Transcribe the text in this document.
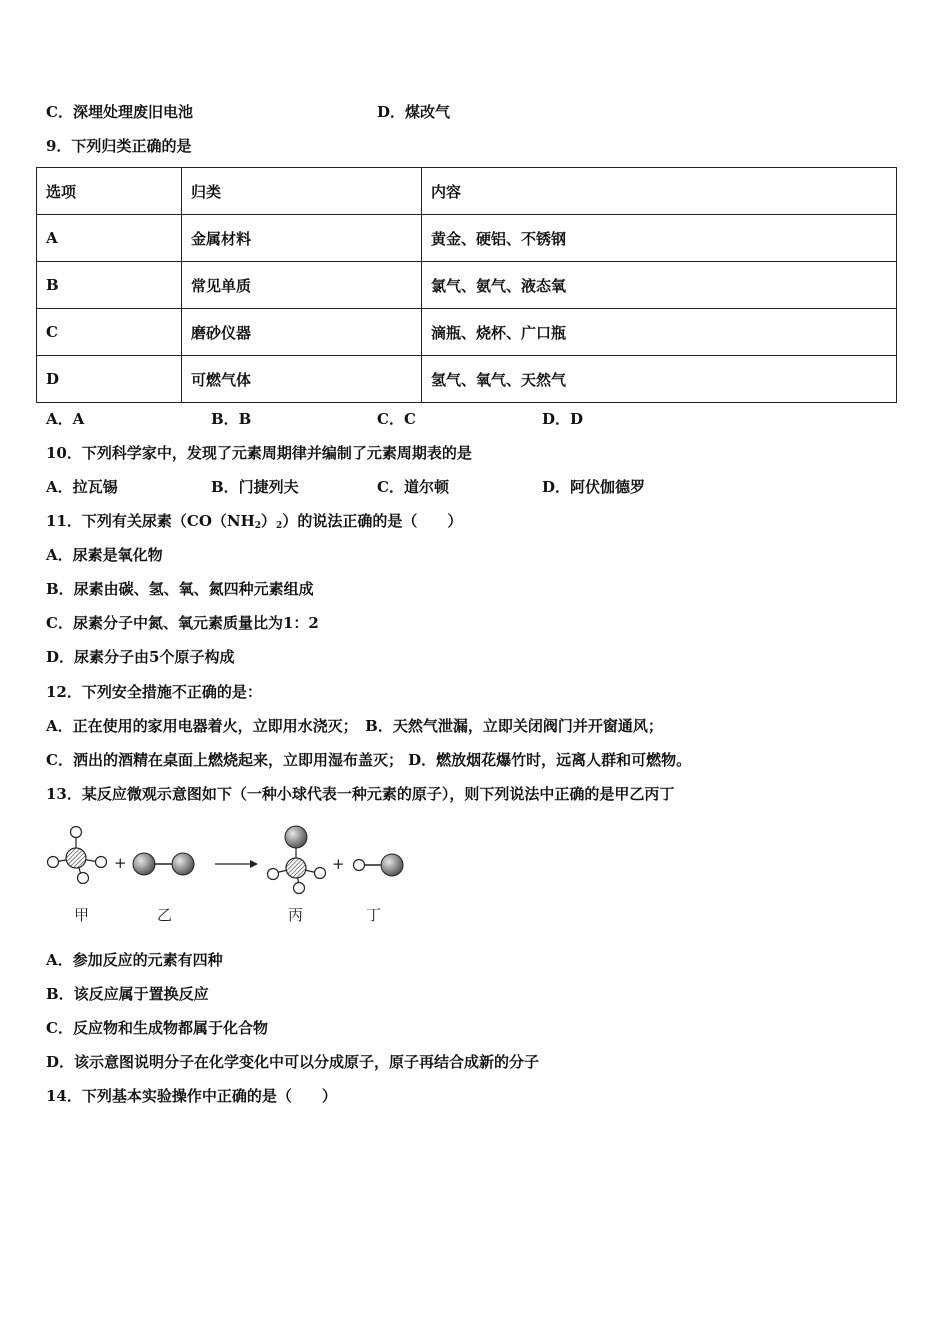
C．深埋处理废旧电池	D．煤改气
9．下列归类正确的是
选项	归类	内容
A	金属材料	黄金、硬铝、不锈钢
B	常见单质	氯气、氨气、液态氧
C	磨砂仪器	滴瓶、烧杯、广口瓶
D	可燃气体	氢气、氧气、天然气
A．A	B．B	C．C	D．D
10．下列科学家中，发现了元素周期律并编制了元素周期表的是
A．拉瓦锡	B．门捷列夫	C．道尔顿	D．阿伏伽德罗
11．下列有关尿素$(CO(NH_2)_2)$的说法正确的是（　　）
A．尿素是氧化物
B．尿素由碳、氢、氧、氮四种元素组成
C．尿素分子中氮、氧元素质量比为1：2
D．尿素分子由5个原子构成
12．下列安全措施不正确的是：
A．正在使用的家用电器着火，立即用水浇灭；　B．天然气泄漏，立即关闭阀门并开窗通风；
C．洒出的酒精在桌面上燃烧起来，立即用湿布盖灭； D．燃放烟花爆竹时，远离人群和可燃物。
13．某反应微观示意图如下（一种小球代表一种元素的原子），则下列说法中正确的是甲乙丙丁
+	+
甲	乙	丙	丁
A．参加反应的元素有四种
B．该反应属于置换反应
C．反应物和生成物都属于化合物
D．该示意图说明分子在化学变化中可以分成原子，原子再结合成新的分子
14．下列基本实验操作中正确的是（　　）
